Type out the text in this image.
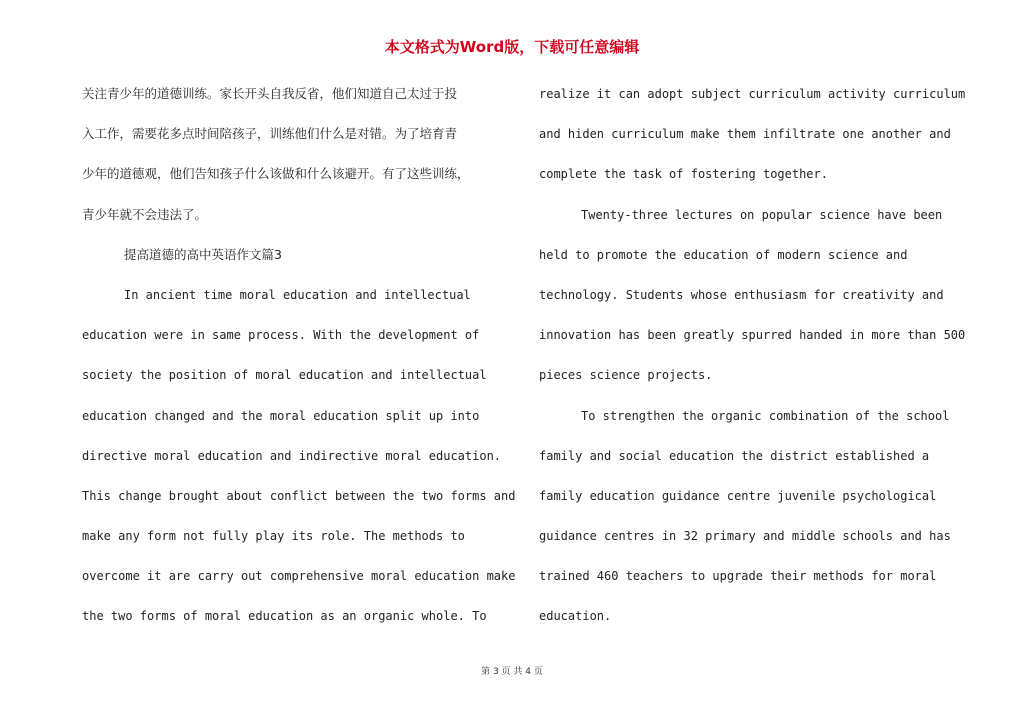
本文格式为Word版，下载可任意编辑
关注青少年的道德训练。家长开头自我反省，他们知道自己太过于投
入工作，需要花多点时间陪孩子，训练他们什么是对错。为了培育青
少年的道德观，他们告知孩子什么该做和什么该避开。有了这些训练，
青少年就不会违法了。
提高道德的高中英语作文篇3
In ancient time moral education and intellectual
education were in same process. With the development of
society the position of moral education and intellectual
education changed and the moral education split up into
directive moral education and indirective moral education.
This change brought about conflict between the two forms and
make any form not fully play its role. The methods to
overcome it are carry out comprehensive moral education make
the two forms of moral education as an organic whole. To
realize it can adopt subject curriculum activity curriculum
and hiden curriculum make them infiltrate one another and
complete the task of fostering together.
Twenty-three lectures on popular science have been
held to promote the education of modern science and
technology. Students whose enthusiasm for creativity and
innovation has been greatly spurred handed in more than 500
pieces science projects.
To strengthen the organic combination of the school
family and social education the district established a
family education guidance centre juvenile psychological
guidance centres in 32 primary and middle schools and has
trained 460 teachers to upgrade their methods for moral
education.
第 3 页 共 4 页
